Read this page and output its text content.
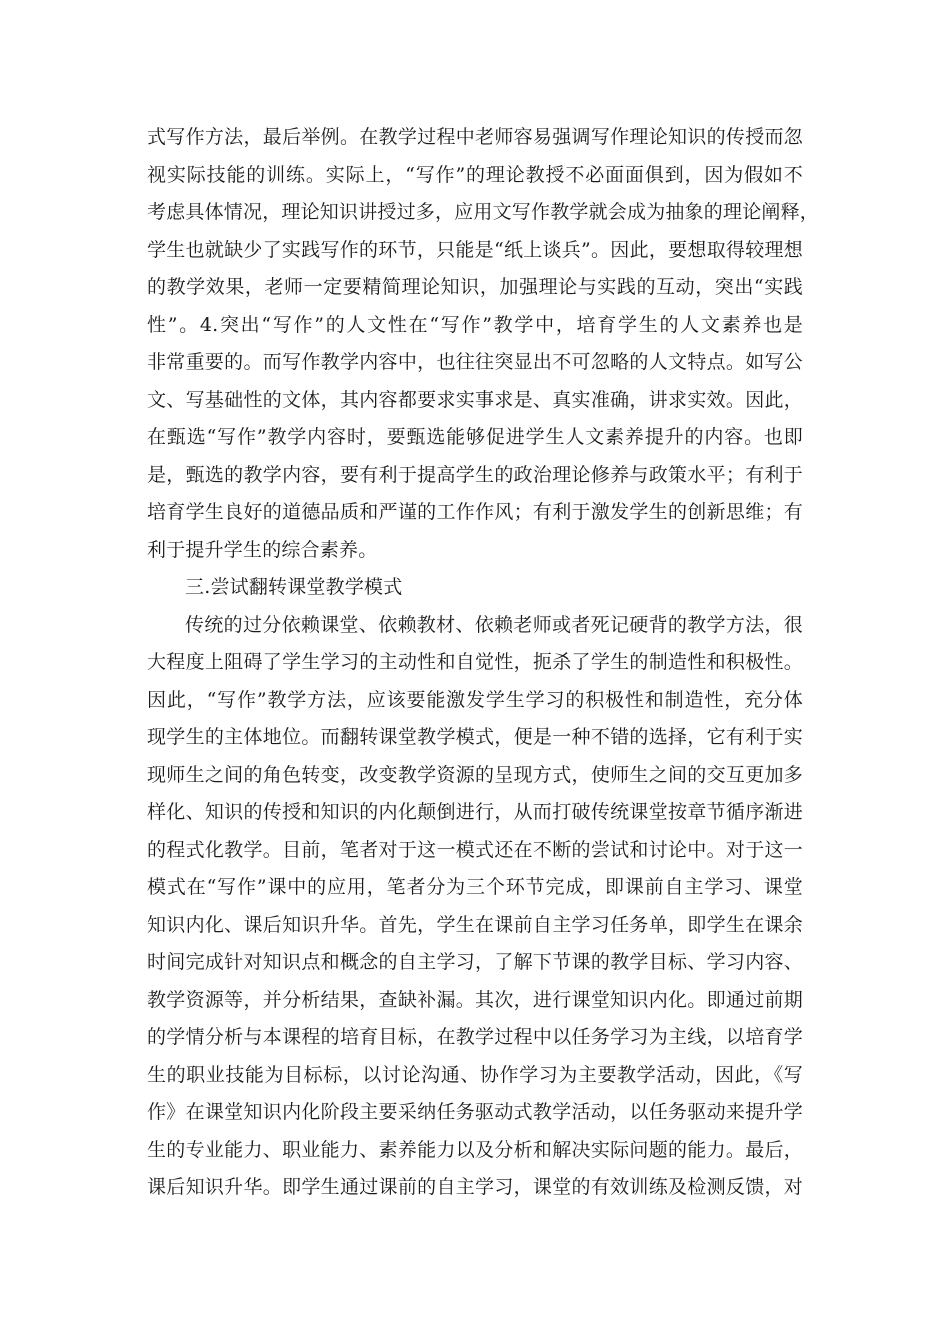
式写作方法，最后举例。在教学过程中老师容易强调写作理论知识的传授而忽
视实际技能的训练。实际上，“写作”的理论教授不必面面俱到，因为假如不
考虑具体情况，理论知识讲授过多，应用文写作教学就会成为抽象的理论阐释，
学生也就缺少了实践写作的环节，只能是“纸上谈兵”。因此，要想取得较理想
的教学效果，老师一定要精简理论知识，加强理论与实践的互动，突出“实践
性”。4.突出“写作”的人文性在“写作”教学中，培育学生的人文素养也是
非常重要的。而写作教学内容中，也往往突显出不可忽略的人文特点。如写公
文、写基础性的文体，其内容都要求实事求是、真实准确，讲求实效。因此，
在甄选“写作”教学内容时，要甄选能够促进学生人文素养提升的内容。也即
是，甄选的教学内容，要有利于提高学生的政治理论修养与政策水平；有利于
培育学生良好的道德品质和严谨的工作作风；有利于激发学生的创新思维；有
利于提升学生的综合素养。
三.尝试翻转课堂教学模式
传统的过分依赖课堂、依赖教材、依赖老师或者死记硬背的教学方法，很
大程度上阻碍了学生学习的主动性和自觉性，扼杀了学生的制造性和积极性。
因此，“写作”教学方法，应该要能激发学生学习的积极性和制造性，充分体
现学生的主体地位。而翻转课堂教学模式，便是一种不错的选择，它有利于实
现师生之间的角色转变，改变教学资源的呈现方式，使师生之间的交互更加多
样化、知识的传授和知识的内化颠倒进行，从而打破传统课堂按章节循序渐进
的程式化教学。目前，笔者对于这一模式还在不断的尝试和讨论中。对于这一
模式在“写作”课中的应用，笔者分为三个环节完成，即课前自主学习、课堂
知识内化、课后知识升华。首先，学生在课前自主学习任务单，即学生在课余
时间完成针对知识点和概念的自主学习，了解下节课的教学目标、学习内容、
教学资源等，并分析结果，查缺补漏。其次，进行课堂知识内化。即通过前期
的学情分析与本课程的培育目标，在教学过程中以任务学习为主线，以培育学
生的职业技能为目标标，以讨论沟通、协作学习为主要教学活动，因此，《写
作》在课堂知识内化阶段主要采纳任务驱动式教学活动，以任务驱动来提升学
生的专业能力、职业能力、素养能力以及分析和解决实际问题的能力。最后，
课后知识升华。即学生通过课前的自主学习，课堂的有效训练及检测反馈，对
